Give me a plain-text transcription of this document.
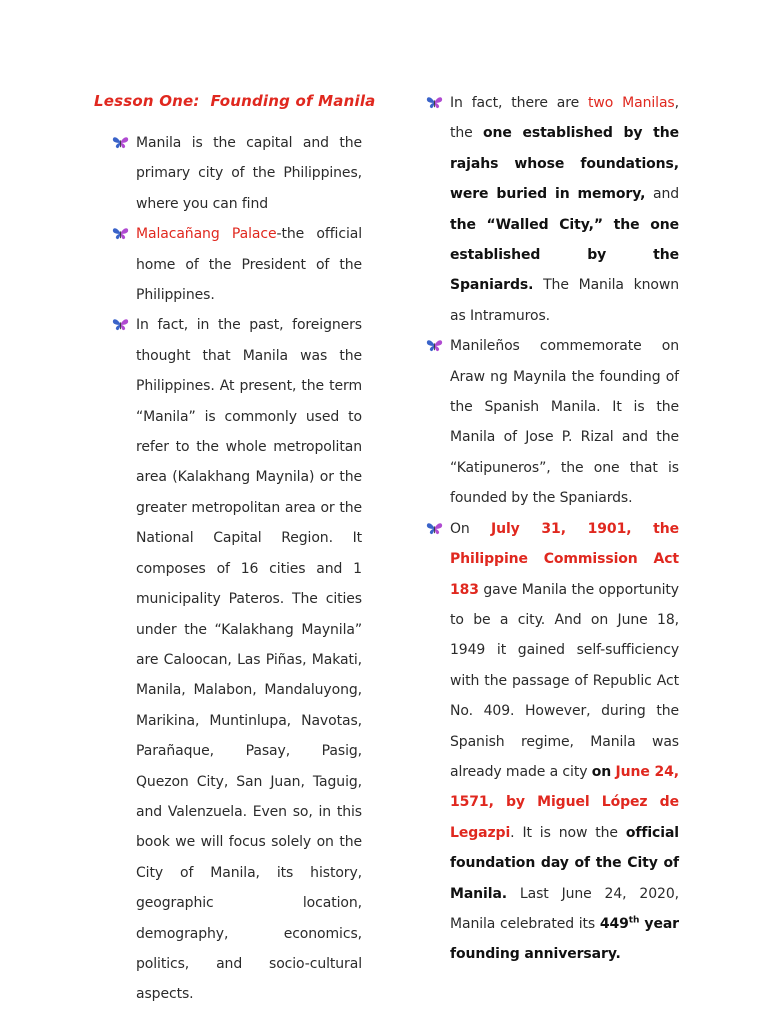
Lesson One:  Founding of Manila
Manila is the capital and the primary city of the Philippines, where you can find
Malacañang Palace-the official home of the President of the Philippines.
In fact, in the past, foreigners thought that Manila was the Philippines. At present, the term “Manila” is commonly used to refer to the whole metropolitan area (Kalakhang Maynila) or the greater metropolitan area or the National Capital Region. It composes of 16 cities and 1 municipality Pateros. The cities under the “Kalakhang Maynila” are Caloocan, Las Piñas, Makati, Manila, Malabon, Mandaluyong, Marikina, Muntinlupa, Navotas, Parañaque, Pasay, Pasig, Quezon City, San Juan, Taguig, and Valenzuela. Even so, in this book we will focus solely on the City of Manila, its history, geographic location, demography, economics, politics, and socio-cultural aspects.
In fact, there are two Manilas, the one established by the rajahs whose foundations, were buried in memory, and the “Walled City,” the one established by the Spaniards. The Manila known as Intramuros.
Manileños commemorate on Araw ng Maynila the founding of the Spanish Manila. It is the Manila of Jose P. Rizal and the “Katipuneros”, the one that is founded by the Spaniards.
On July 31, 1901, the Philippine Commission Act 183 gave Manila the opportunity to be a city. And on June 18, 1949 it gained self-sufficiency with the passage of Republic Act No. 409. However, during the Spanish regime, Manila was already made a city on June 24, 1571, by Miguel López de Legazpi. It is now the official foundation day of the City of Manila. Last June 24, 2020, Manila celebrated its 449th year founding anniversary.
